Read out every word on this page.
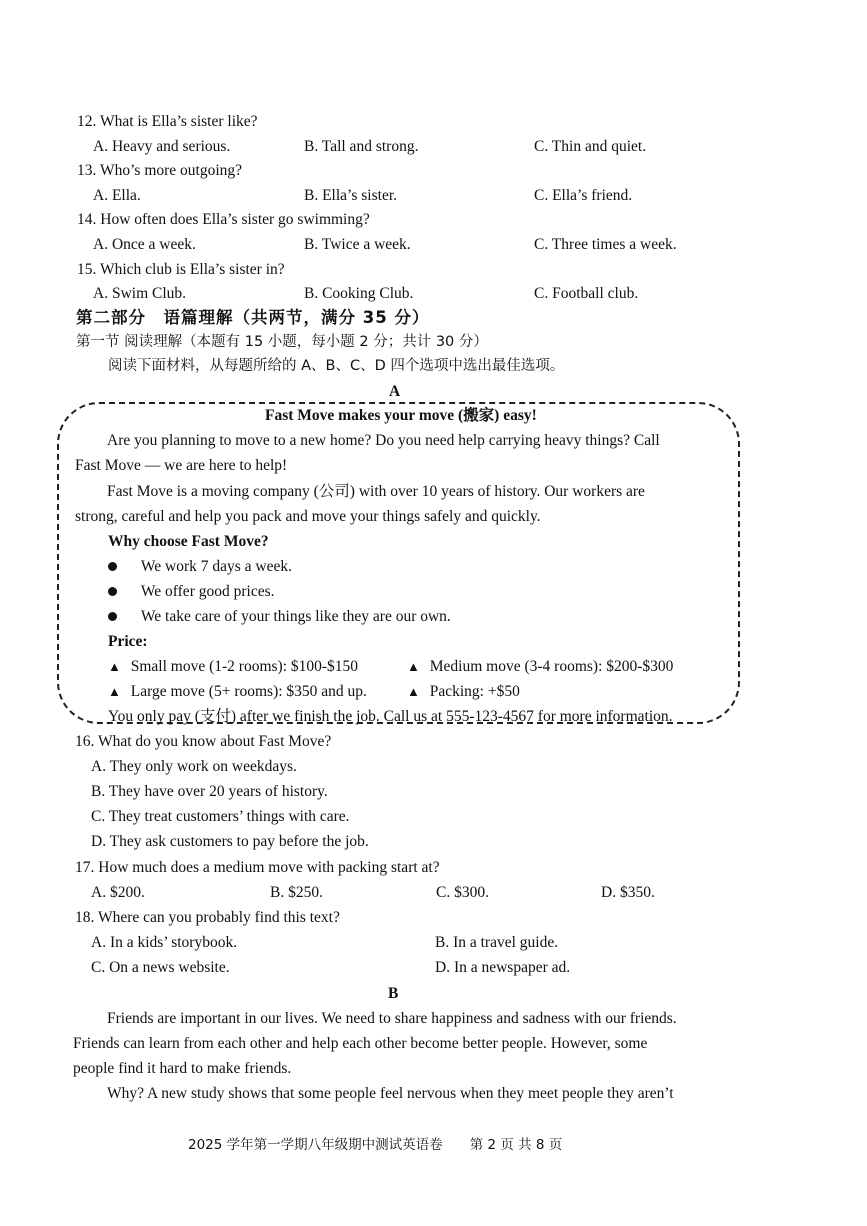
12. What is Ella’s sister like?
A. Heavy and serious.	B. Tall and strong.	C. Thin and quiet.
13. Who’s more outgoing?
A. Ella.	B. Ella’s sister.	C. Ella’s friend.
14. How often does Ella’s sister go swimming?
A. Once a week.	B. Twice a week.	C. Three times a week.
15. Which club is Ella’s sister in?
A. Swim Club.	B. Cooking Club.	C. Football club.
第二部分　语篇理解（共两节，满分 35 分）
第一节 阅读理解（本题有 15 小题，每小题 2 分；共计 30 分）
阅读下面材料，从每题所给的 A、B、C、D 四个选项中选出最佳选项。
A
Fast Move makes your move (搬家) easy!
Are you planning to move to a new home? Do you need help carrying heavy things? Call
Fast Move — we are here to help!
Fast Move is a moving company (公司) with over 10 years of history. Our workers are
strong, careful and help you pack and move your things safely and quickly.
Why choose Fast Move?
We work 7 days a week.
We offer good prices.
We take care of your things like they are our own.
Price:
▲ Small move (1-2 rooms): $100-$150	▲ Medium move (3-4 rooms): $200-$300
▲ Large move (5+ rooms): $350 and up.	▲ Packing: +$50
You only pay (支付) after we finish the job. Call us at 555-123-4567 for more information.
16. What do you know about Fast Move?
A. They only work on weekdays.
B. They have over 20 years of history.
C. They treat customers’ things with care.
D. They ask customers to pay before the job.
17. How much does a medium move with packing start at?
A. $200.	B. $250.	C. $300.	D. $350.
18. Where can you probably find this text?
A. In a kids’ storybook.	B. In a travel guide.
C. On a news website.	D. In a newspaper ad.
B
Friends are important in our lives. We need to share happiness and sadness with our friends.
Friends can learn from each other and help each other become better people. However, some
people find it hard to make friends.
Why? A new study shows that some people feel nervous when they meet people they aren’t
2025 学年第一学期八年级期中测试英语卷　　第 2 页 共 8 页
